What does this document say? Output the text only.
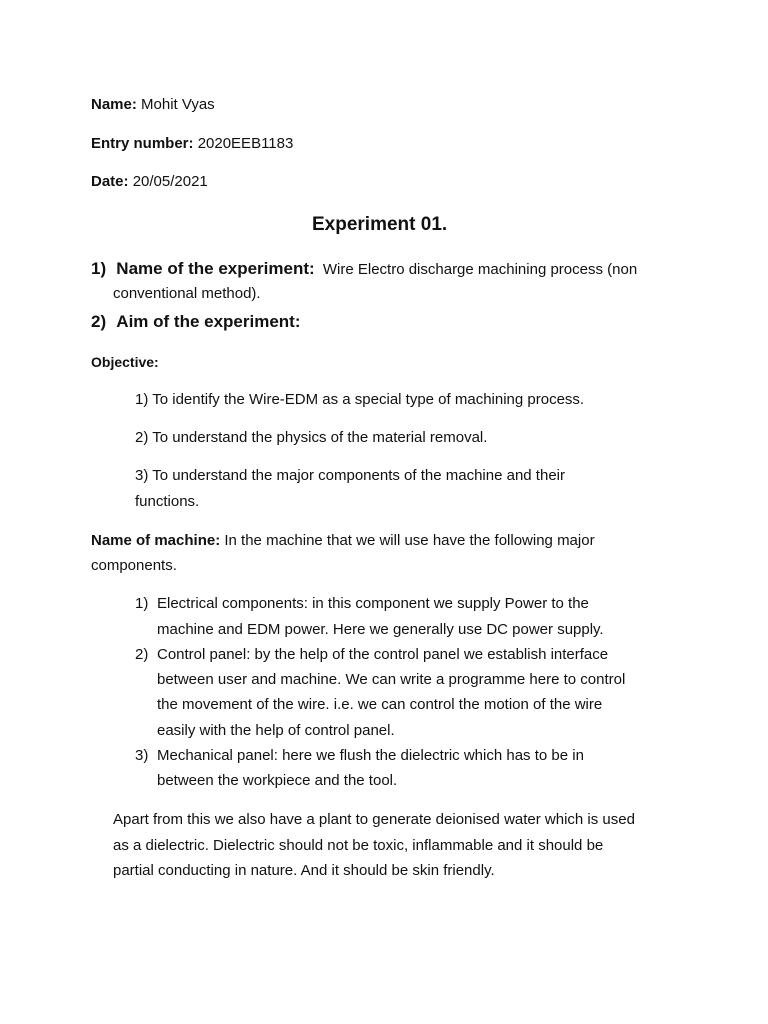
Name: Mohit Vyas
Entry number: 2020EEB1183
Date: 20/05/2021
Experiment 01.
1) Name of the experiment: Wire Electro discharge machining process (non
conventional method).
2) Aim of the experiment:
Objective:
1) To identify the Wire-EDM as a special type of machining process.
2) To understand the physics of the material removal.
3) To understand the major components of the machine and their
functions.
Name of machine: In the machine that we will use have the following major
components.
1) Electrical components: in this component we supply Power to the
machine and EDM power. Here we generally use DC power supply.
2) Control panel: by the help of the control panel we establish interface
between user and machine. We can write a programme here to control
the movement of the wire. i.e. we can control the motion of the wire
easily with the help of control panel.
3) Mechanical panel: here we flush the dielectric which has to be in
between the workpiece and the tool.
Apart from this we also have a plant to generate deionised water which is used
as a dielectric. Dielectric should not be toxic, inflammable and it should be
partial conducting in nature. And it should be skin friendly.
